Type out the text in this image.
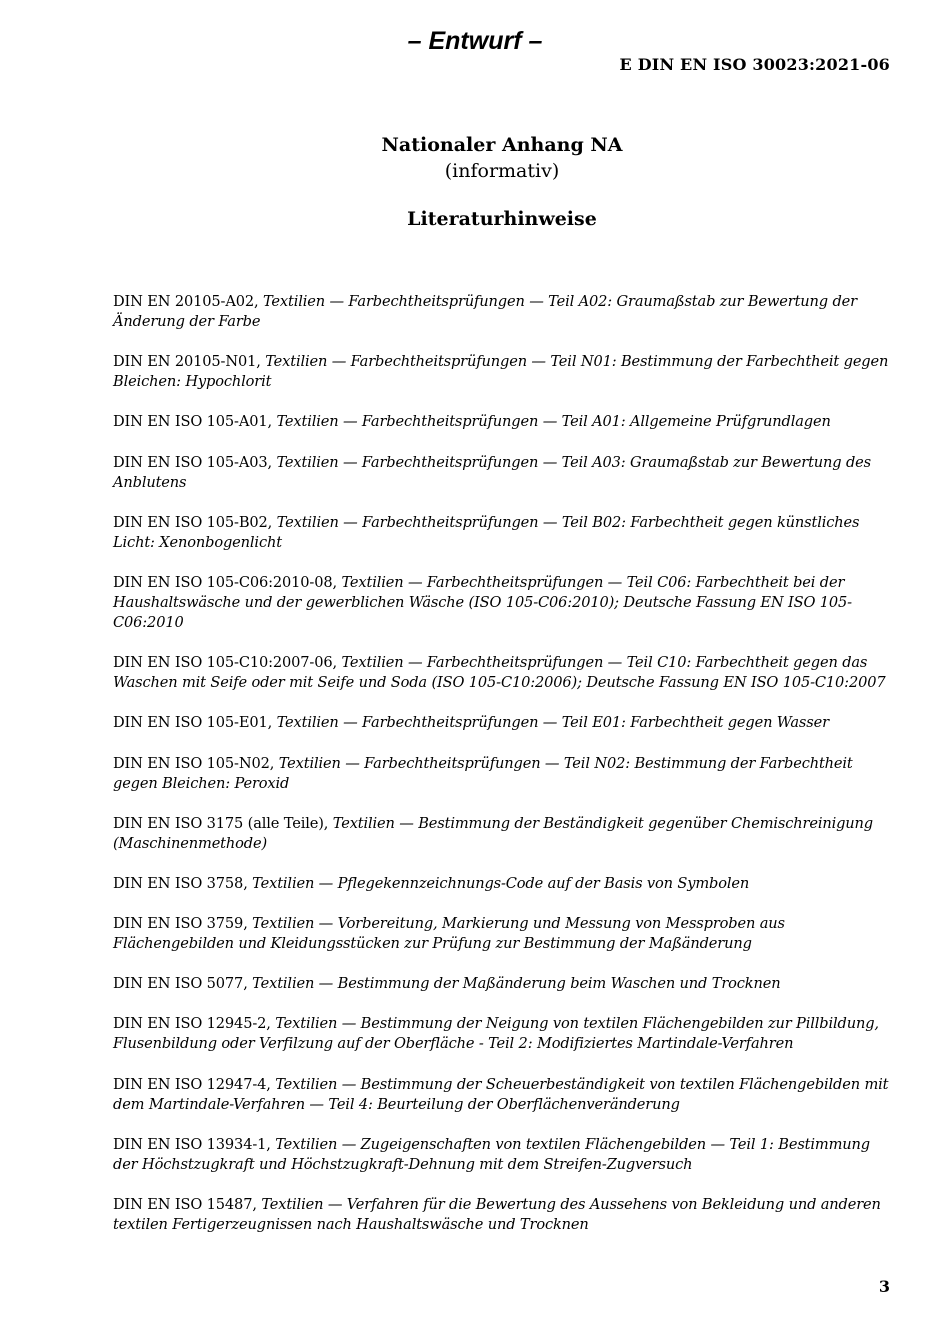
– Entwurf –
E DIN EN ISO 30023:2021-06
Nationaler Anhang NA
(informativ)
Literaturhinweise
DIN EN 20105-A02, Textilien — Farbechtheitsprüfungen — Teil A02: Graumaßstab zur Bewertung der Änderung der Farbe
DIN EN 20105-N01, Textilien — Farbechtheitsprüfungen — Teil N01: Bestimmung der Farbechtheit gegen Bleichen: Hypochlorit
DIN EN ISO 105-A01, Textilien — Farbechtheitsprüfungen — Teil A01: Allgemeine Prüfgrundlagen
DIN EN ISO 105-A03, Textilien — Farbechtheitsprüfungen — Teil A03: Graumaßstab zur Bewertung des Anblutens
DIN EN ISO 105-B02, Textilien — Farbechtheitsprüfungen — Teil B02: Farbechtheit gegen künstliches Licht: Xenonbogenlicht
DIN EN ISO 105-C06:2010-08, Textilien — Farbechtheitsprüfungen — Teil C06: Farbechtheit bei der Haushaltswäsche und der gewerblichen Wäsche (ISO 105-C06:2010); Deutsche Fassung EN ISO 105-C06:2010
DIN EN ISO 105-C10:2007-06, Textilien — Farbechtheitsprüfungen — Teil C10: Farbechtheit gegen das Waschen mit Seife oder mit Seife und Soda (ISO 105-C10:2006); Deutsche Fassung EN ISO 105-C10:2007
DIN EN ISO 105-E01, Textilien — Farbechtheitsprüfungen — Teil E01: Farbechtheit gegen Wasser
DIN EN ISO 105-N02, Textilien — Farbechtheitsprüfungen — Teil N02: Bestimmung der Farbechtheit gegen Bleichen: Peroxid
DIN EN ISO 3175 (alle Teile), Textilien — Bestimmung der Beständigkeit gegenüber Chemischreinigung (Maschinenmethode)
DIN EN ISO 3758, Textilien — Pflegekennzeichnungs-Code auf der Basis von Symbolen
DIN EN ISO 3759, Textilien — Vorbereitung, Markierung und Messung von Messproben aus Flächengebilden und Kleidungsstücken zur Prüfung zur Bestimmung der Maßänderung
DIN EN ISO 5077, Textilien — Bestimmung der Maßänderung beim Waschen und Trocknen
DIN EN ISO 12945-2, Textilien — Bestimmung der Neigung von textilen Flächengebilden zur Pillbildung, Flusenbildung oder Verfilzung auf der Oberfläche - Teil 2: Modifiziertes Martindale-Verfahren
DIN EN ISO 12947-4, Textilien — Bestimmung der Scheuerbeständigkeit von textilen Flächengebilden mit dem Martindale-Verfahren — Teil 4: Beurteilung der Oberflächenveränderung
DIN EN ISO 13934-1, Textilien — Zugeigenschaften von textilen Flächengebilden — Teil 1: Bestimmung der Höchstzugkraft und Höchstzugkraft-Dehnung mit dem Streifen-Zugversuch
DIN EN ISO 15487, Textilien — Verfahren für die Bewertung des Aussehens von Bekleidung und anderen textilen Fertigerzeugnissen nach Haushaltswäsche und Trocknen
3
